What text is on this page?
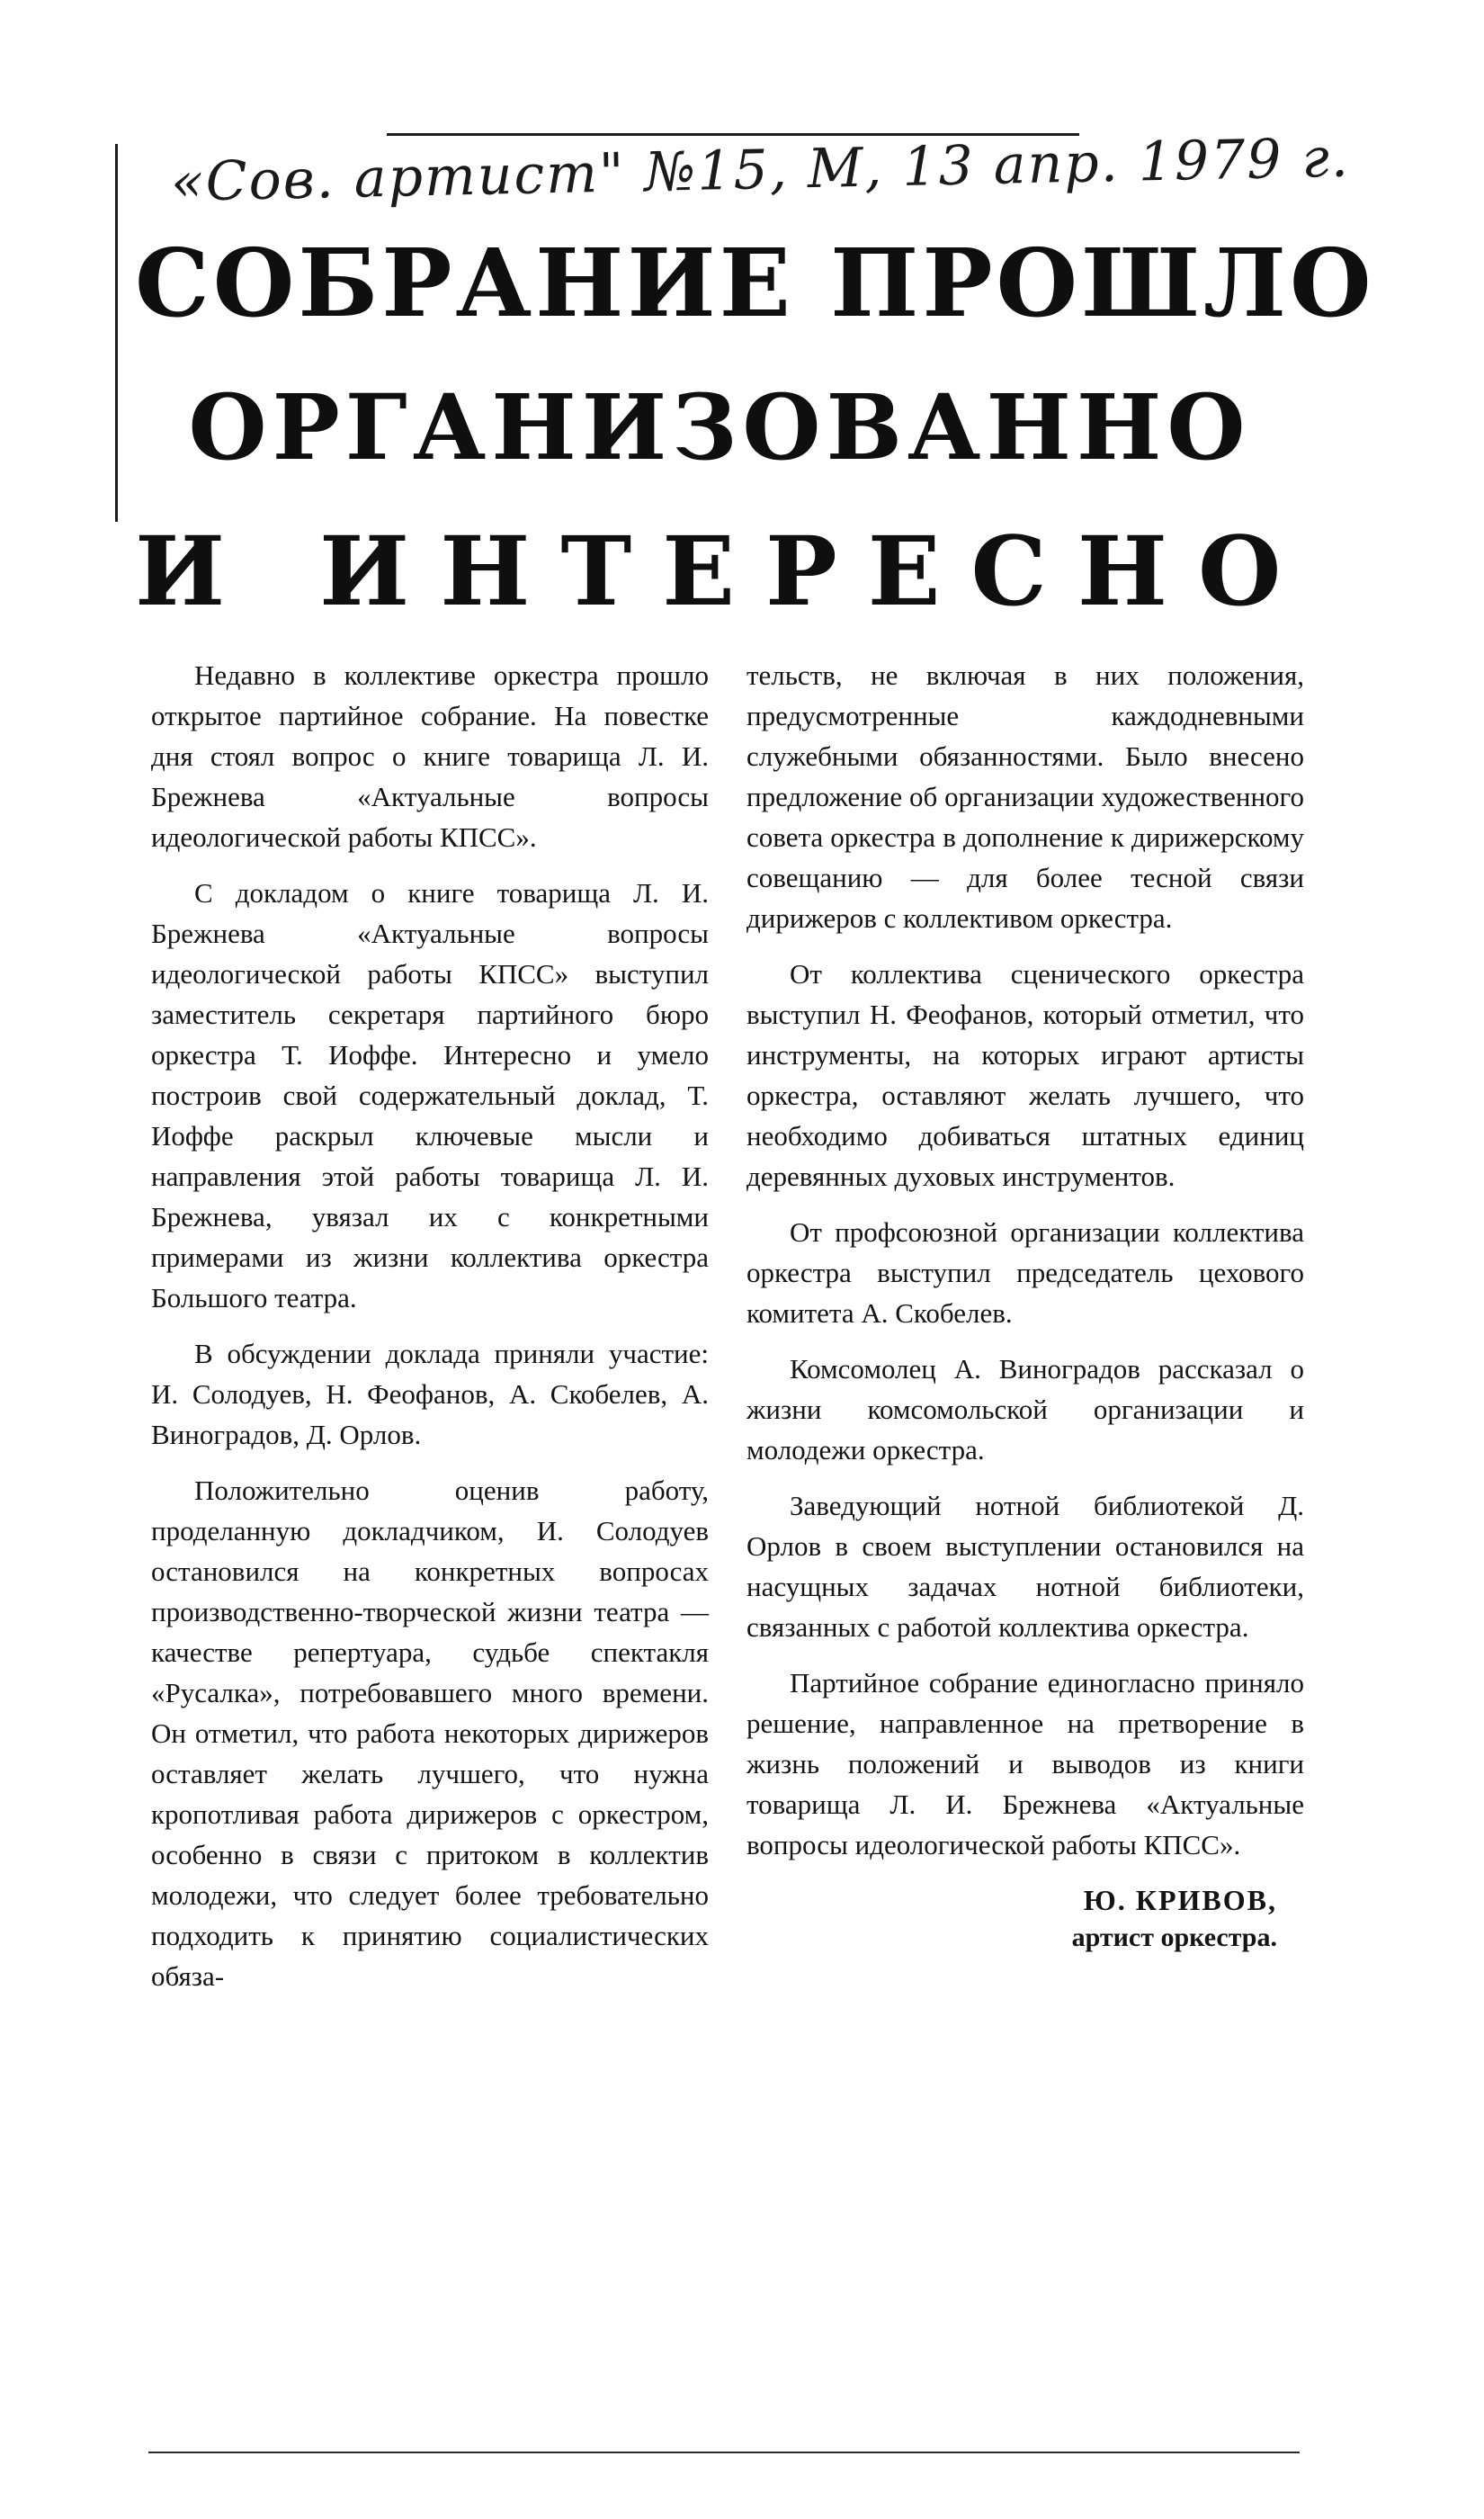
«Сов. артист" №15, М, 13 апр. 1979 г.
СОБРАНИЕ ПРОШЛО
ОРГАНИЗОВАННО
И ИНТЕРЕСНО

Недавно в коллективе оркестра прошло открытое партийное собрание. На повестке дня стоял вопрос о книге товарища Л. И. Брежнева «Актуальные вопросы идеологической работы КПСС».

С докладом о книге товарища Л. И. Брежнева «Актуальные вопросы идеологической работы КПСС» выступил заместитель секретаря партийного бюро оркестра Т. Иоффе. Интересно и умело построив свой содержательный доклад, Т. Иоффе раскрыл ключевые мысли и направления этой работы товарища Л. И. Брежнева, увязал их с конкретными примерами из жизни коллектива оркестра Большого театра.

В обсуждении доклада приняли участие: И. Солодуев, Н. Феофанов, А. Скобелев, А. Виноградов, Д. Орлов.

Положительно оценив работу, проделанную докладчиком, И. Солодуев остановился на конкретных вопросах производственно-творческой жизни театра — качестве репертуара, судьбе спектакля «Русалка», потребовавшего много времени. Он отметил, что работа некоторых дирижеров оставляет желать лучшего, что нужна кропотливая работа дирижеров с оркестром, особенно в связи с притоком в коллектив молодежи, что следует более требовательно подходить к принятию социалистических обяза-

тельств, не включая в них положения, предусмотренные каждодневными служебными обязанностями. Было внесено предложение об организации художественного совета оркестра в дополнение к дирижерскому совещанию — для более тесной связи дирижеров с коллективом оркестра.

От коллектива сценического оркестра выступил Н. Феофанов, который отметил, что инструменты, на которых играют артисты оркестра, оставляют желать лучшего, что необходимо добиваться штатных единиц деревянных духовых инструментов.

От профсоюзной организации коллектива оркестра выступил председатель цехового комитета А. Скобелев.

Комсомолец А. Виноградов рассказал о жизни комсомольской организации и молодежи оркестра.

Заведующий нотной библиотекой Д. Орлов в своем выступлении остановился на насущных задачах нотной библиотеки, связанных с работой коллектива оркестра.

Партийное собрание единогласно приняло решение, направленное на претворение в жизнь положений и выводов из книги товарища Л. И. Брежнева «Актуальные вопросы идеологической работы КПСС».

Ю. КРИВОВ,
артист оркестра.
